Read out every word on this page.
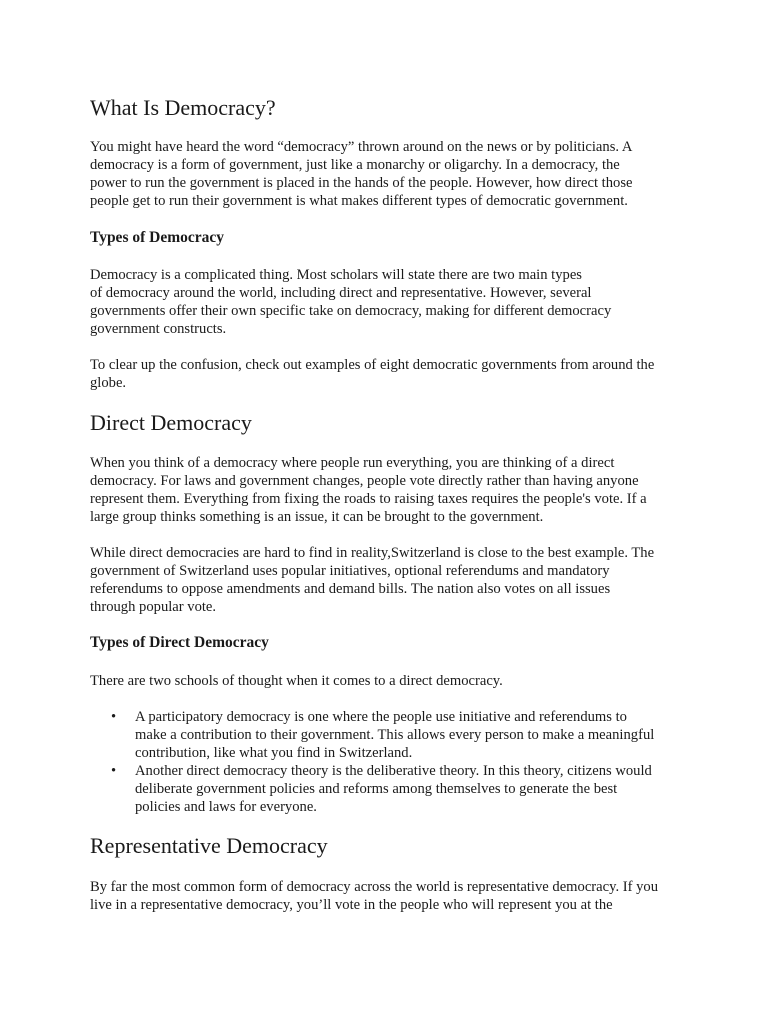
What Is Democracy?

You might have heard the word “democracy” thrown around on the news or by politicians. A
democracy is a form of government, just like a monarchy or oligarchy. In a democracy, the
power to run the government is placed in the hands of the people. However, how direct those
people get to run their government is what makes different types of democratic government.

Types of Democracy

Democracy is a complicated thing. Most scholars will state there are two main types
of democracy around the world, including direct and representative. However, several
governments offer their own specific take on democracy, making for different democracy
government constructs.

To clear up the confusion, check out examples of eight democratic governments from around the
globe.

Direct Democracy

When you think of a democracy where people run everything, you are thinking of a direct
democracy. For laws and government changes, people vote directly rather than having anyone
represent them. Everything from fixing the roads to raising taxes requires the people's vote. If a
large group thinks something is an issue, it can be brought to the government.

While direct democracies are hard to find in reality,Switzerland is close to the best example. The
government of Switzerland uses popular initiatives, optional referendums and mandatory
referendums to oppose amendments and demand bills. The nation also votes on all issues
through popular vote.

Types of Direct Democracy

There are two schools of thought when it comes to a direct democracy.

• A participatory democracy is one where the people use initiative and referendums to
make a contribution to their government. This allows every person to make a meaningful
contribution, like what you find in Switzerland.
• Another direct democracy theory is the deliberative theory. In this theory, citizens would
deliberate government policies and reforms among themselves to generate the best
policies and laws for everyone.
Representative Democracy

By far the most common form of democracy across the world is representative democracy. If you
live in a representative democracy, you’ll vote in the people who will represent you at the
